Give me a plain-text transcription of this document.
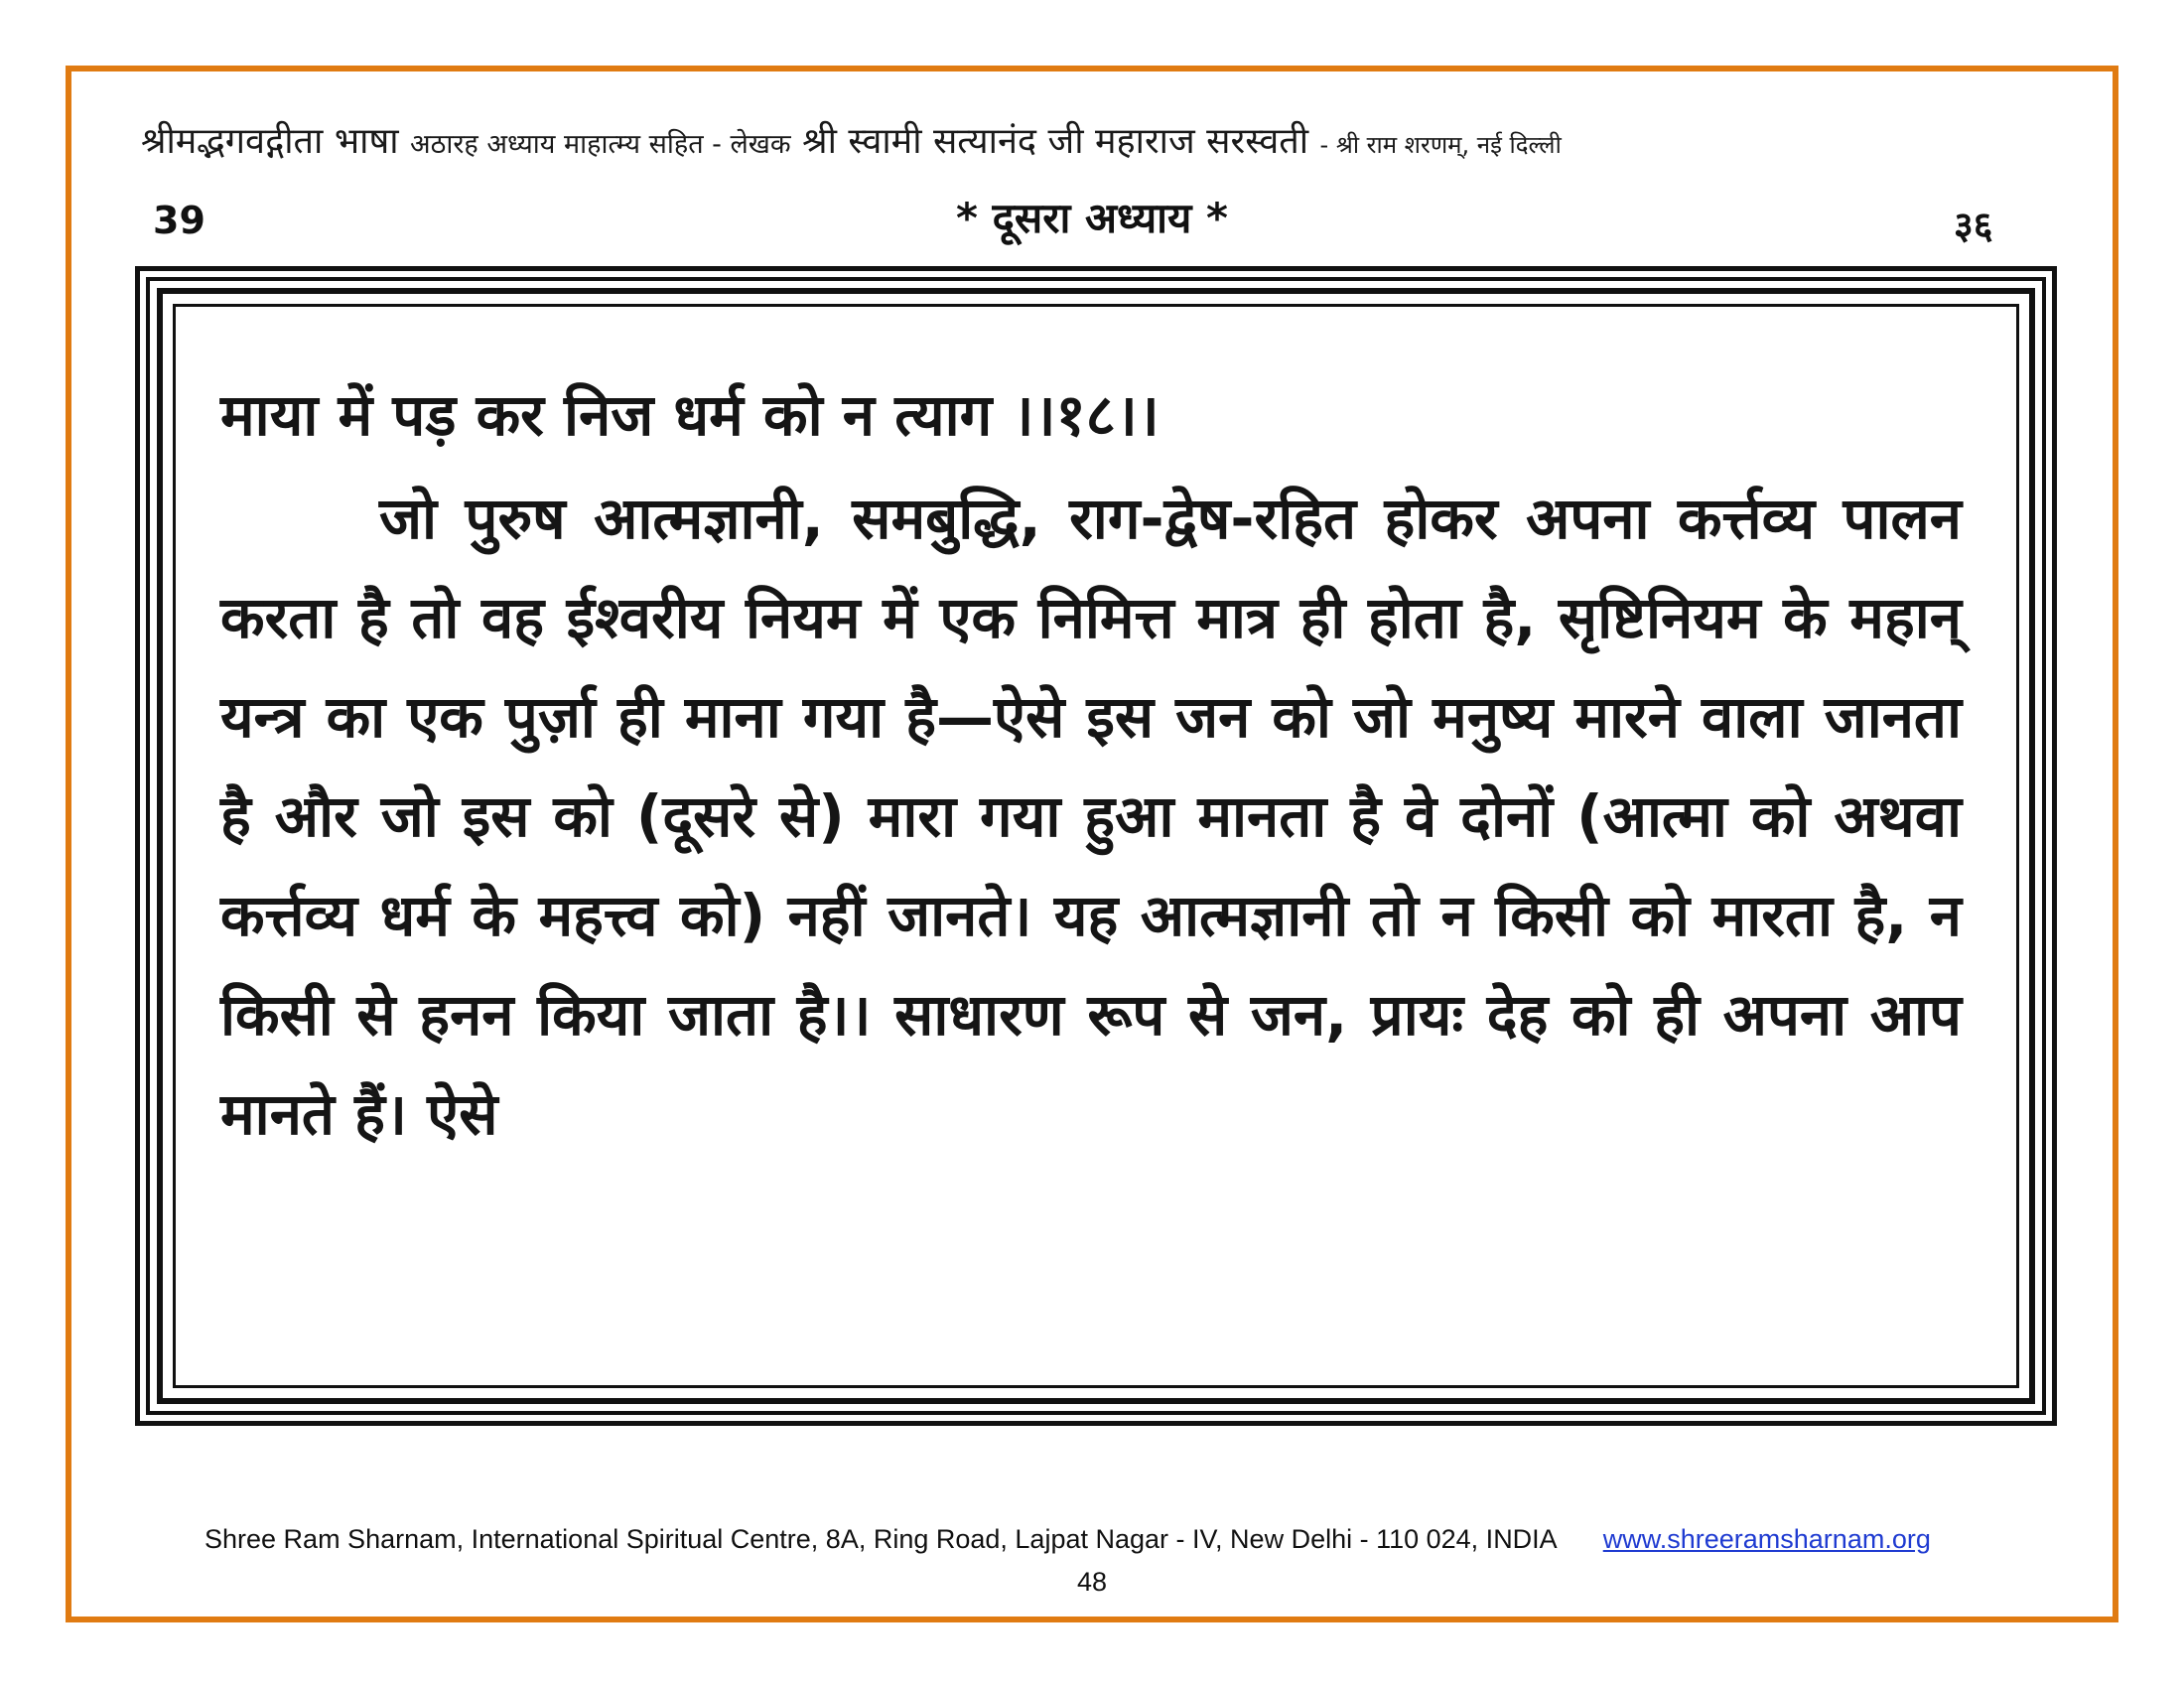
श्रीमद्भगवद्गीता भाषा अठारह अध्याय माहात्म्य सहित - लेखक श्री स्वामी सत्यानंद जी महाराज सरस्वती - श्री राम शरणम्, नई दिल्ली
39	* दूसरा अध्याय *	३६

माया में पड़ कर निज धर्म को न त्याग ।।१८।।

जो पुरुष आत्मज्ञानी, समबुद्धि, राग-द्वेष-रहित होकर अपना कर्त्तव्य पालन करता है तो वह ईश्वरीय नियम में एक निमित्त मात्र ही होता है, सृष्टिनियम के महान् यन्त्र का एक पुर्ज़ा ही माना गया है—ऐसे इस जन को जो मनुष्य मारने वाला जानता है और जो इस को (दूसरे से) मारा गया हुआ मानता है वे दोनों (आत्मा को अथवा कर्त्तव्य धर्म के महत्त्व को) नहीं जानते। यह आत्मज्ञानी तो न किसी को मारता है, न किसी से हनन किया जाता है।। साधारण रूप से जन, प्रायः देह को ही अपना आप मानते हैं। ऐसे

Shree Ram Sharnam, International Spiritual Centre, 8A, Ring Road, Lajpat Nagar - IV, New Delhi - 110 024, INDIA www.shreeramsharnam.org
48
